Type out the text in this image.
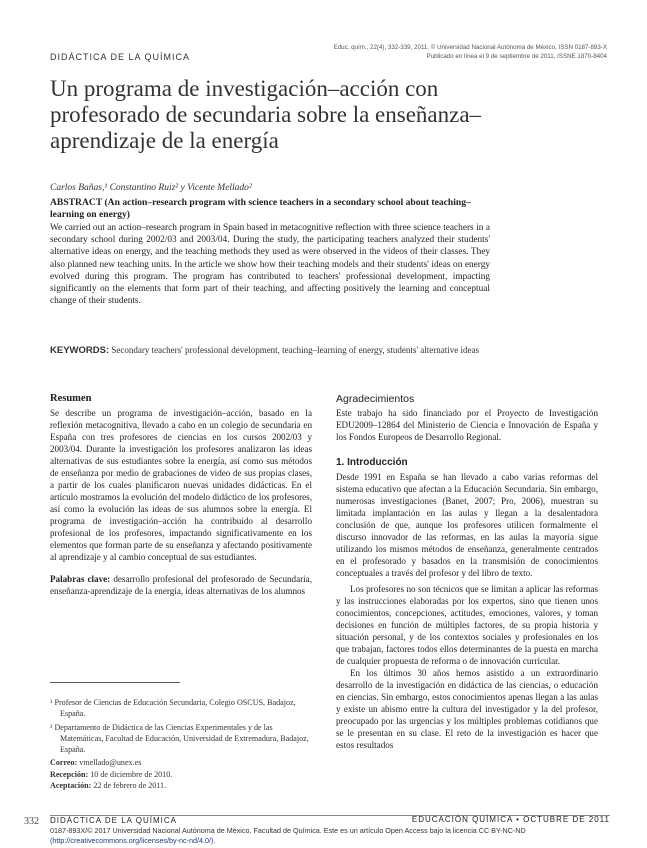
DIDÁCTICA DE LA QUÍMICA
Educ. quím., 22(4), 332-339, 2011. © Universidad Nacional Autónoma de México, ISSN 0187-893-X
Publicado en línea el 9 de septiembre de 2011, ISSNE 1870-8404
Un programa de investigación–acción con profesorado de secundaria sobre la enseñanza–aprendizaje de la energía
Carlos Bañas,¹ Constantino Ruiz² y Vicente Mellado²
ABSTRACT (An action–research program with science teachers in a secondary school about teaching–learning on energy)
We carried out an action–research program in Spain based in metacognitive reflection with three science teachers in a secondary school during 2002/03 and 2003/04. During the study, the participating teachers analyzed their students' alternative ideas on energy, and the teaching methods they used as were observed in the videos of their classes. They also planned new teaching units. In the article we show how their teaching models and their students' ideas on energy evolved during this program. The program has contributed to teachers' professional development, impacting significantly on the elements that form part of their teaching, and affecting positively the learning and conceptual change of their students.
KEYWORDS: Secondary teachers' professional development, teaching–learning of energy, students' alternative ideas
Resumen

Se describe un programa de investigación–acción, basado en la reflexión metacognitiva, llevado a cabo en un colegio de secundaria en España con tres profesores de ciencias en los cursos 2002/03 y 2003/04. Durante la investigación los profesores analizaron las ideas alternativas de sus estudiantes sobre la energía, así como sus métodos de enseñanza por medio de grabaciones de video de sus propias clases, a partir de los cuales planificaron nuevas unidades didácticas. En el artículo mostramos la evolución del modelo didáctico de los profesores, así como la evolución las ideas de sus alumnos sobre la energía. El programa de investigación–acción ha contribuido al desarrollo profesional de los profesores, impactando significativamente en los elementos que forman parte de su enseñanza y afectando positivamente al aprendizaje y al cambio conceptual de sus estudiantes.

Palabras clave: desarrollo profesional del profesorado de Secundaria, enseñanza-aprendizaje de la energía, ideas alternativas de los alumnos

¹ Profesor de Ciencias de Educación Secundaria, Colegio OSCUS, Badajoz, España.

² Departamento de Didáctica de las Ciencias Experimentales y de las Matemáticas, Facultad de Educación, Universidad de Extremadura, Badajoz, España.

Correo: vmellado@unex.es

Recepción: 10 de diciembre de 2010.

Aceptación: 22 de febrero de 2011.

Agradecimientos

Este trabajo ha sido financiado por el Proyecto de Investigación EDU2009–12864 del Ministerio de Ciencia e Innovación de España y los Fondos Europeos de Desarrollo Regional.

1. Introducción

Desde 1991 en España se han llevado a cabo varias reformas del sistema educativo que afectan a la Educación Secundaria. Sin embargo, numerosas investigaciones (Banet, 2007; Pro, 2006), muestran su limitada implantación en las aulas y llegan a la desalentadora conclusión de que, aunque los profesores utilicen formalmente el discurso innovador de las reformas, en las aulas la mayoría sigue utilizando los mismos métodos de enseñanza, generalmente centrados en el profesorado y basados en la transmisión de conocimientos conceptuales a través del profesor y del libro de texto.

Los profesores no son técnicos que se limitan a aplicar las reformas y las instrucciones elaboradas por los expertos, sino que tienen unos conocimientos, concepciones, actitudes, emociones, valores, y toman decisiones en función de múltiples factores, de su propia historia y situación personal, y de los contextos sociales y profesionales en los que trabajan, factores todos ellos determinantes de la puesta en marcha de cualquier propuesta de reforma o de innovación curricular.

En los últimos 30 años hemos asistido a un extraordinario desarrollo de la investigación en didáctica de las ciencias, o educación en ciencias. Sin embargo, estos conocimientos apenas llegan a las aulas y existe un abismo entre la cultura del investigador y la del profesor, preocupado por las urgencias y los múltiples problemas cotidianos que se le presentan en su clase. El reto de la investigación es hacer que estos resultados

332 DIDÁCTICA DE LA QUÍMICA	EDUCACIÓN QUÍMICA • OCTUBRE DE 2011
0187-893X/© 2017 Universidad Nacional Autónoma de México, Facultad de Química. Este es un artículo Open Access bajo la licencia CC BY-NC-ND
(http://creativecommons.org/licenses/by-nc-nd/4.0/).
